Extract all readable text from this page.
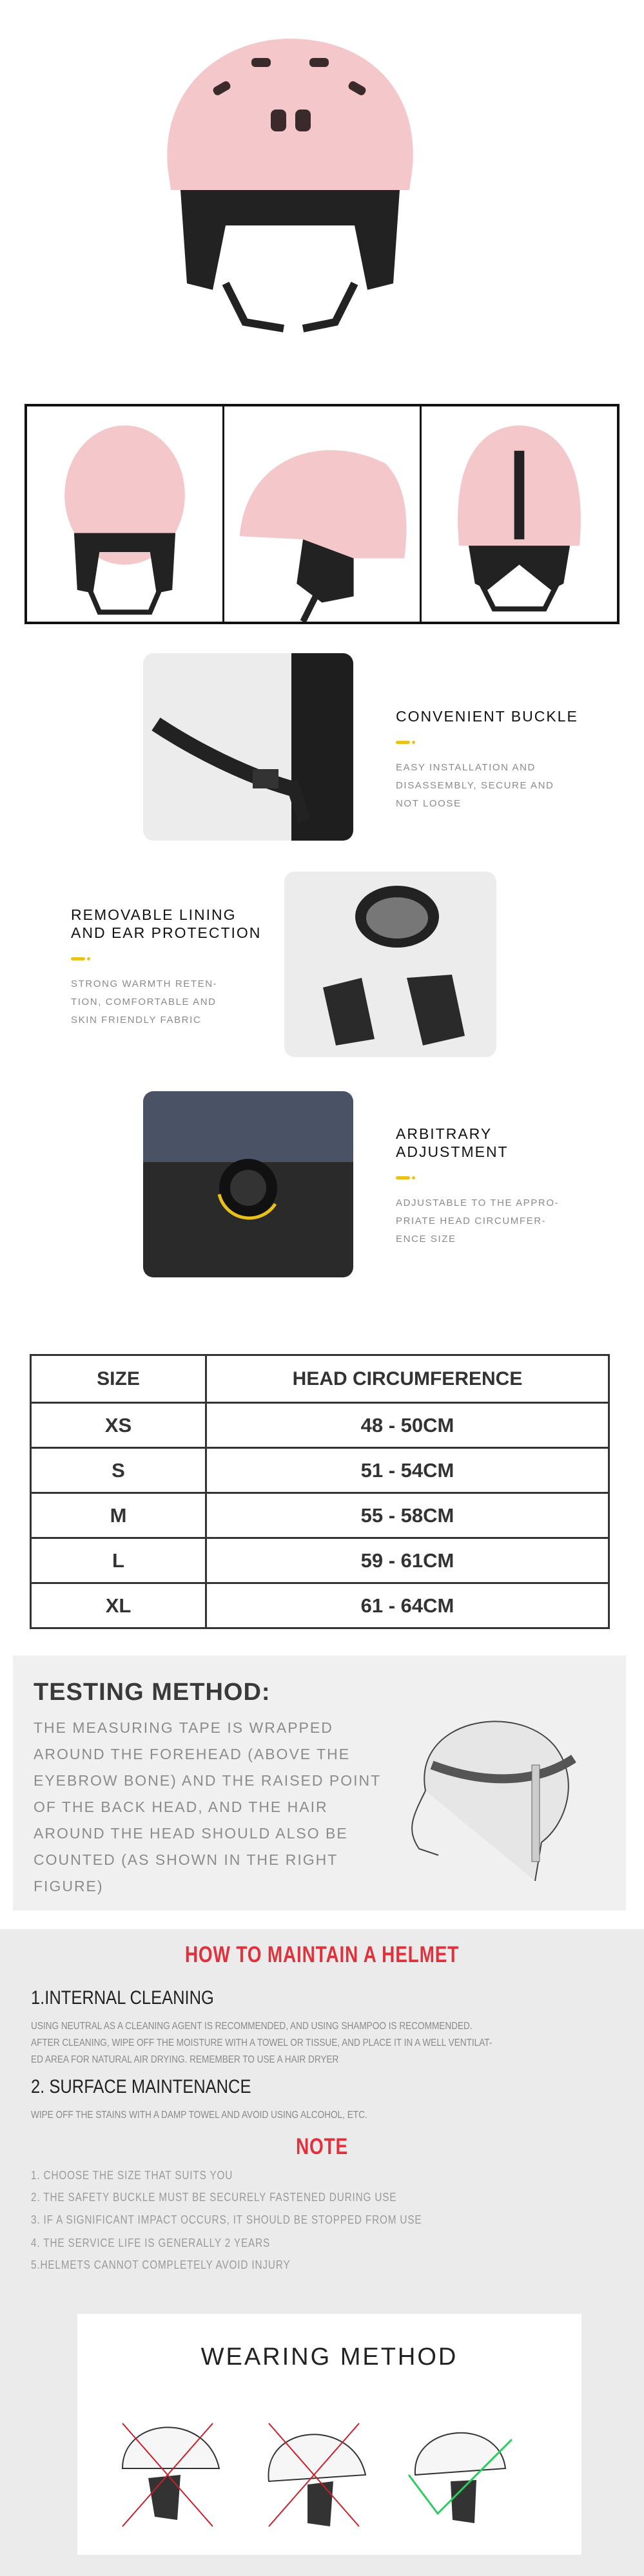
CONVENIENT BUCKLE
EASY INSTALLATION AND
DISASSEMBLY, SECURE AND
NOT LOOSE
REMOVABLE LINING
AND EAR PROTECTION
STRONG WARMTH RETEN-
TION, COMFORTABLE AND
SKIN FRIENDLY FABRIC
ARBITRARY
ADJUSTMENT
ADJUSTABLE TO THE APPRO-
PRIATE HEAD CIRCUMFER-
ENCE SIZE
SIZE	HEAD CIRCUMFERENCE
XS	48 - 50CM
S	51 - 54CM
M	55 - 58CM
L	59 - 61CM
XL	61 - 64CM
TESTING METHOD:

THE MEASURING TAPE IS WRAPPED AROUND THE FOREHEAD (ABOVE THE EYEBROW BONE) AND THE RAISED POINT OF THE BACK HEAD, AND THE HAIR AROUND THE HEAD SHOULD ALSO BE COUNTED (AS SHOWN IN THE RIGHT FIGURE)

HOW TO MAINTAIN A HELMET
1.INTERNAL CLEANING
USING NEUTRAL AS A CLEANING AGENT IS RECOMMENDED, AND USING SHAMPOO IS RECOMMENDED.
AFTER CLEANING, WIPE OFF THE MOISTURE WITH A TOWEL OR TISSUE, AND PLACE IT IN A WELL VENTILAT-
ED AREA FOR NATURAL AIR DRYING. REMEMBER TO USE A HAIR DRYER
2. SURFACE MAINTENANCE
WIPE OFF THE STAINS WITH A DAMP TOWEL AND AVOID USING ALCOHOL, ETC.
NOTE
1. CHOOSE THE SIZE THAT SUITS YOU
2. THE SAFETY BUCKLE MUST BE SECURELY FASTENED DURING USE
3. IF A SIGNIFICANT IMPACT OCCURS, IT SHOULD BE STOPPED FROM USE
4. THE SERVICE LIFE IS GENERALLY 2 YEARS
5.HELMETS CANNOT COMPLETELY AVOID INJURY
WEARING METHOD
